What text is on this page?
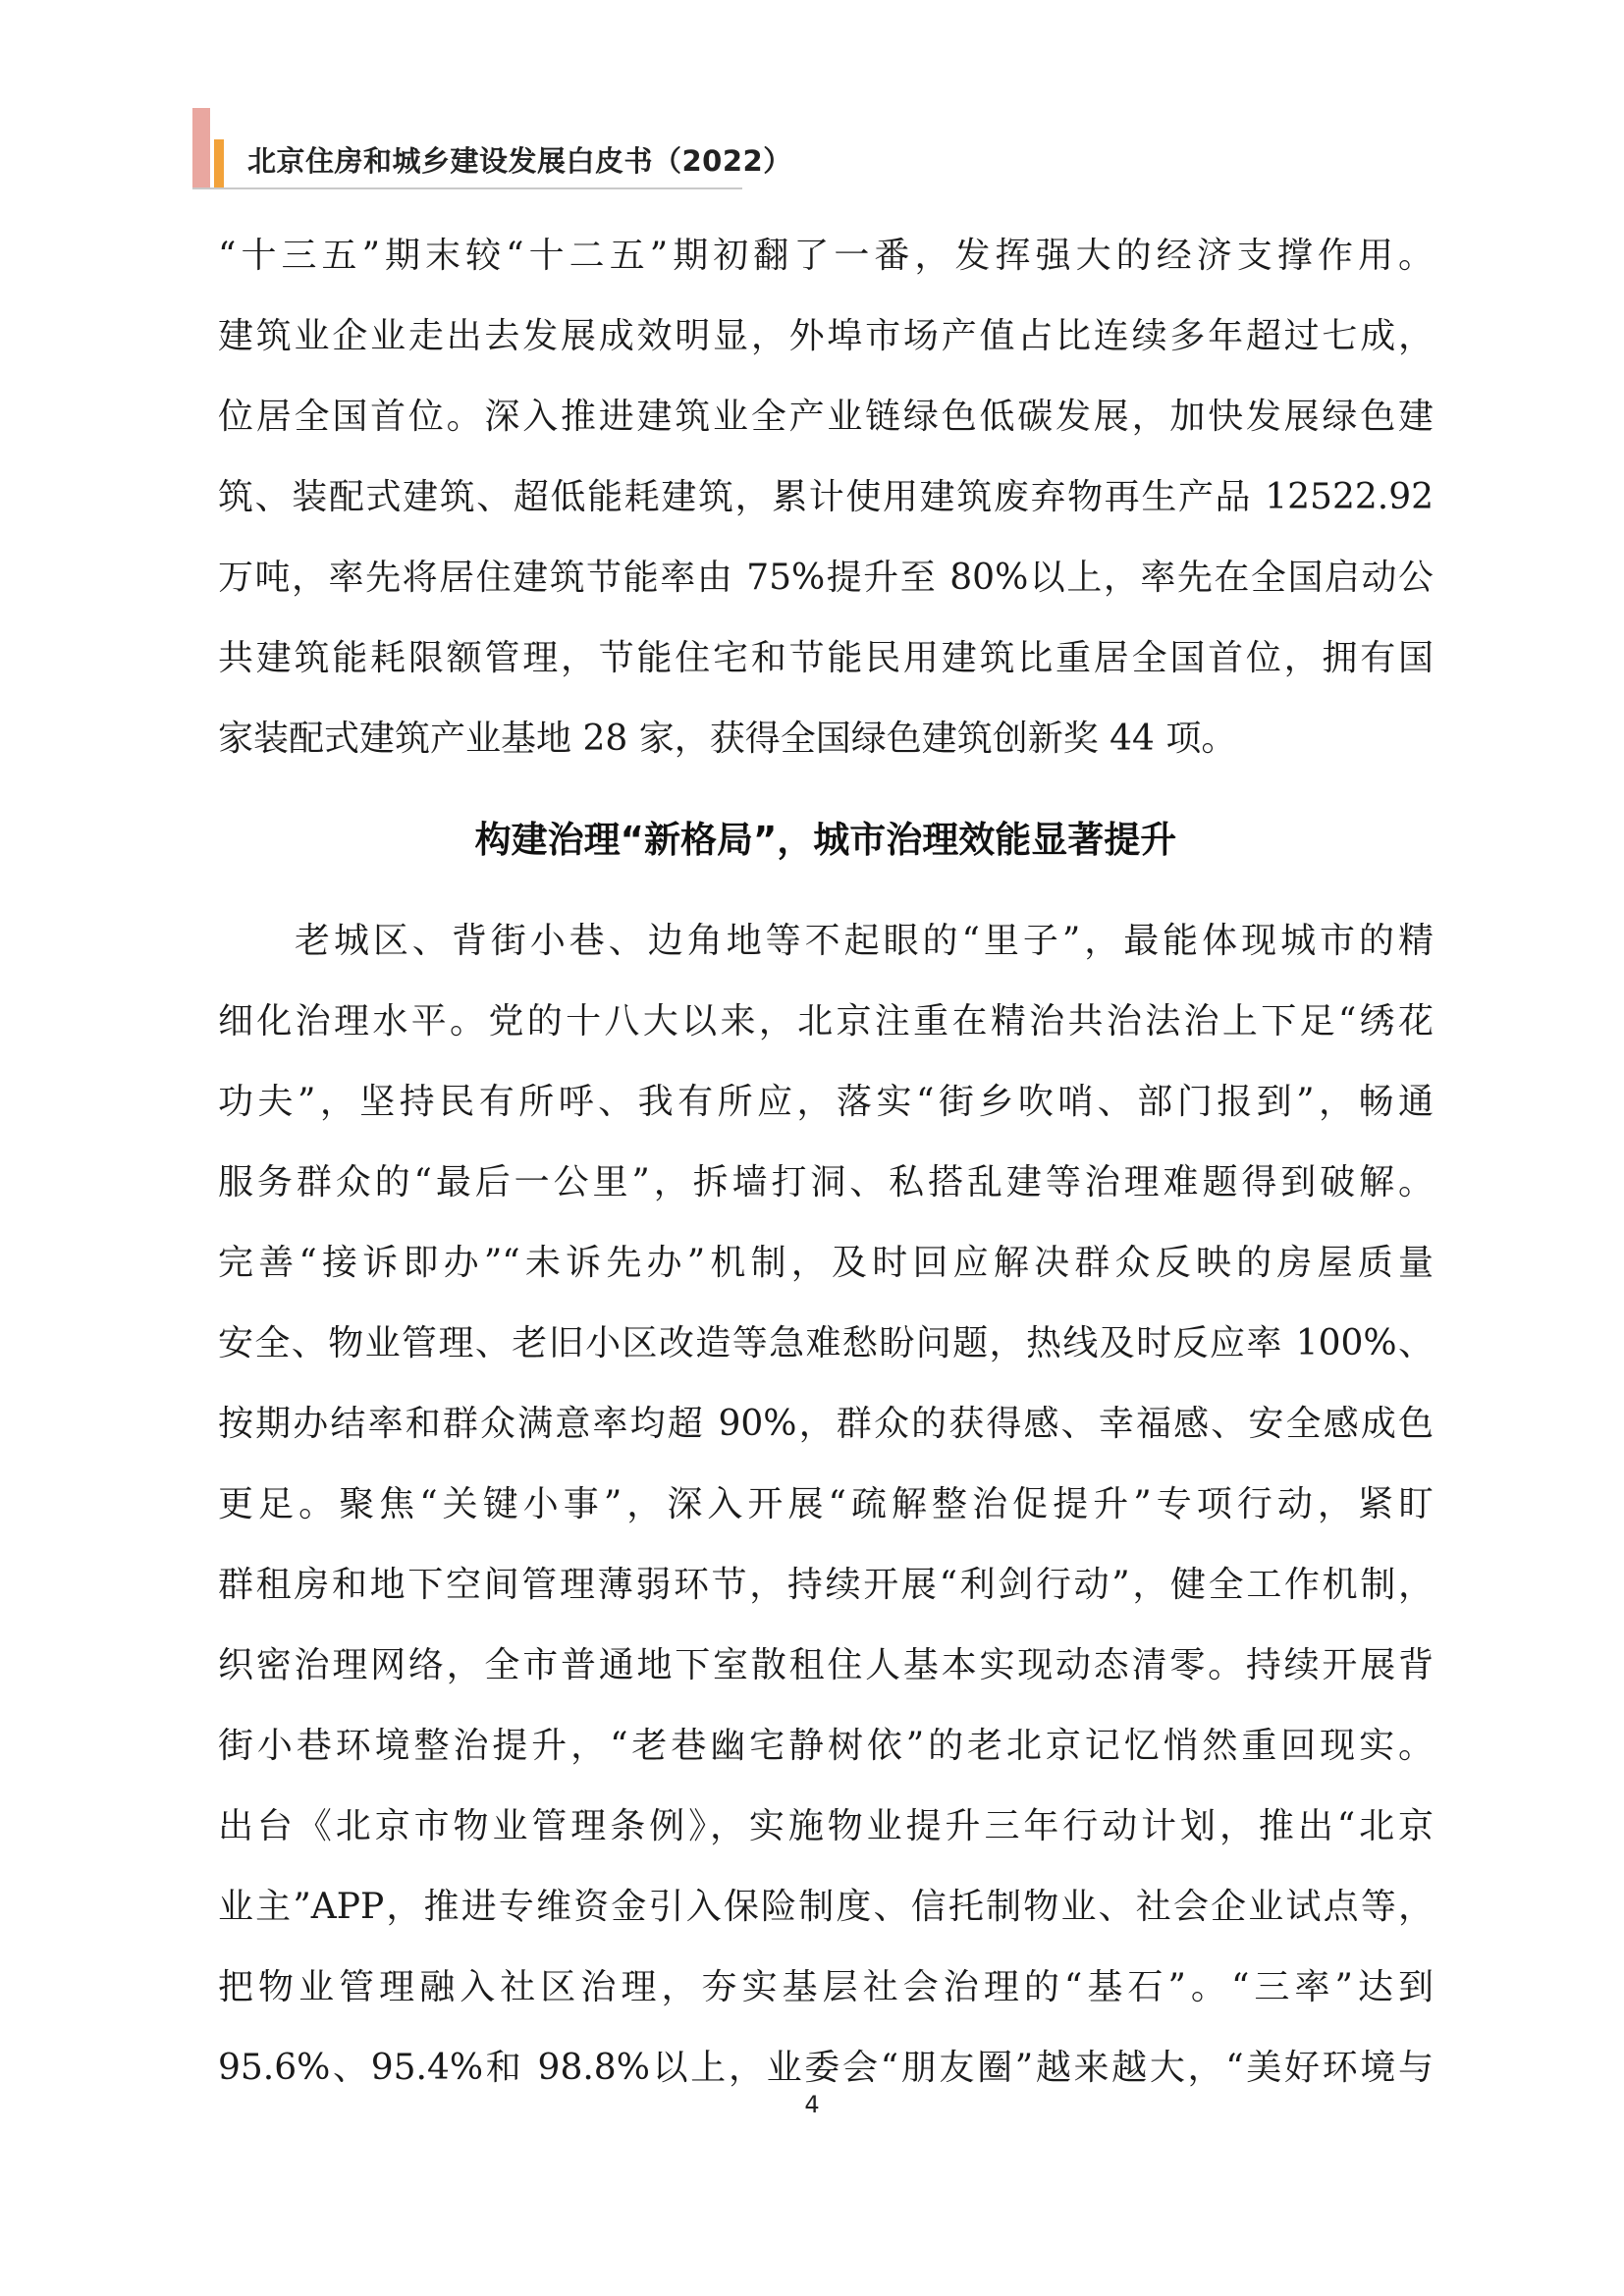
北京住房和城乡建设发展白皮书（2022）
“十三五”期末较“十二五”期初翻了一番，发挥强大的经济支撑作用。
建筑业企业走出去发展成效明显，外埠市场产值占比连续多年超过七成，
位居全国首位。深入推进建筑业全产业链绿色低碳发展，加快发展绿色建
筑、装配式建筑、超低能耗建筑，累计使用建筑废弃物再生产品 12522.92
万吨，率先将居住建筑节能率由 75%提升至 80%以上，率先在全国启动公
共建筑能耗限额管理，节能住宅和节能民用建筑比重居全国首位，拥有国
家装配式建筑产业基地 28 家，获得全国绿色建筑创新奖 44 项。
构建治理“新格局”，城市治理效能显著提升
老城区、背街小巷、边角地等不起眼的“里子”，最能体现城市的精
细化治理水平。党的十八大以来，北京注重在精治共治法治上下足“绣花
功夫”，坚持民有所呼、我有所应，落实“街乡吹哨、部门报到”，畅通
服务群众的“最后一公里”，拆墙打洞、私搭乱建等治理难题得到破解。
完善“接诉即办”“未诉先办”机制，及时回应解决群众反映的房屋质量
安全、物业管理、老旧小区改造等急难愁盼问题，热线及时反应率 100%、
按期办结率和群众满意率均超 90%，群众的获得感、幸福感、安全感成色
更足。聚焦“关键小事”，深入开展“疏解整治促提升”专项行动，紧盯
群租房和地下空间管理薄弱环节，持续开展“利剑行动”，健全工作机制，
织密治理网络，全市普通地下室散租住人基本实现动态清零。持续开展背
街小巷环境整治提升，“老巷幽宅静树依”的老北京记忆悄然重回现实。
出台《北京市物业管理条例》，实施物业提升三年行动计划，推出“北京
业主”APP，推进专维资金引入保险制度、信托制物业、社会企业试点等，
把物业管理融入社区治理，夯实基层社会治理的“基石”。“三率”达到
95.6%、95.4%和 98.8%以上，业委会“朋友圈”越来越大，“美好环境与
4
